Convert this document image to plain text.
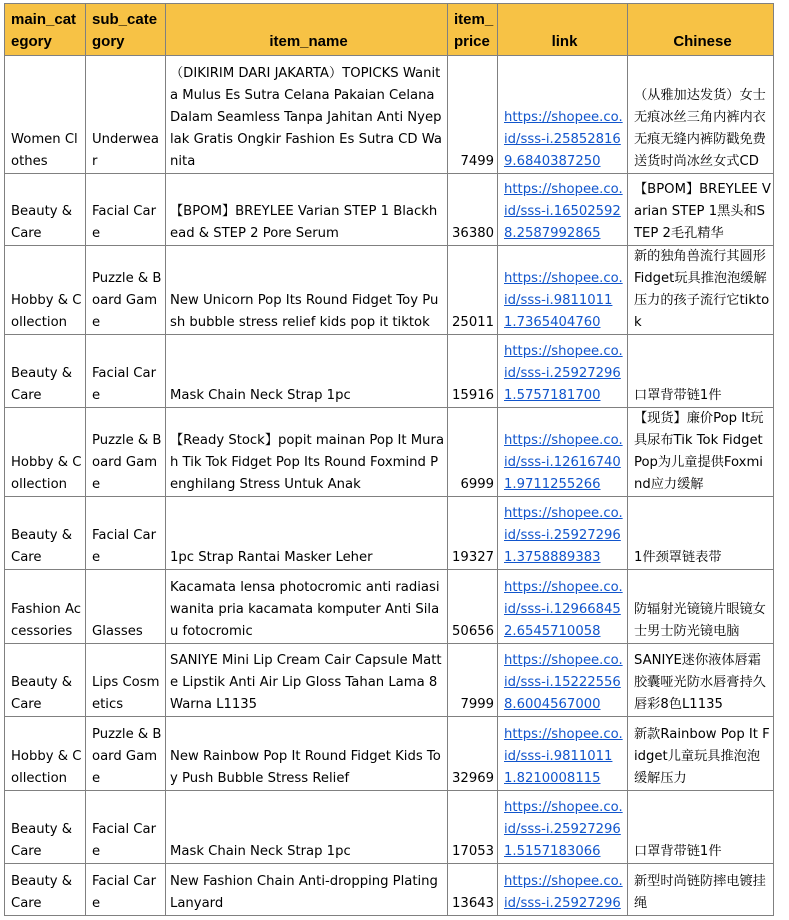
main_cat egory	sub_cate gory	item_name	item_ price	link	Chinese
Women Clothes	Underwear	（DIKIRIM DARI JAKARTA）TOPICKS Wanita Mulus Es Sutra Celana Pakaian Celana Dalam Seamless Tanpa Jahitan Anti Nyeplak Gratis Ongkir Fashion Es Sutra CD Wanita	7499	https://shopee.co.id/sss-i.258528169.6840387250	（从雅加达发货）女士无痕冰丝三角内裤内衣无痕无缝内裤防戳免费送货时尚冰丝女式CD
Beauty & Care	Facial Care	【BPOM】BREYLEE Varian STEP 1 Blackhead & STEP 2 Pore Serum	36380	https://shopee.co.id/sss-i.165025928.2587992865	【BPOM】BREYLEE Varian STEP 1黑头和STEP 2毛孔精华
Hobby & Collection	Puzzle & Board Game	New Unicorn Pop Its Round Fidget Toy Push bubble stress relief kids pop it tiktok	25011	https://shopee.co.id/sss-i.98110111.7365404760	新的独角兽流行其圆形Fidget玩具推泡泡缓解压力的孩子流行它tiktok
Beauty & Care	Facial Care	Mask Chain Neck Strap 1pc	15916	https://shopee.co.id/sss-i.259272961.5757181700	口罩背带链1件
Hobby & Collection	Puzzle & Board Game	【Ready Stock】popit mainan Pop It Murah Tik Tok Fidget Pop Its Round Foxmind Penghilang Stress Untuk Anak	6999	https://shopee.co.id/sss-i.126167401.9711255266	【现货】廉价Pop It玩具尿布Tik Tok Fidget Pop为儿童提供Foxmind应力缓解
Beauty & Care	Facial Care	1pc Strap Rantai Masker Leher	19327	https://shopee.co.id/sss-i.259272961.3758889383	1件颈罩链表带
Fashion Accessories	Glasses	Kacamata lensa photocromic anti radiasi wanita pria kacamata komputer Anti Silau fotocromic	50656	https://shopee.co.id/sss-i.129668452.6545710058	防辐射光镜镜片眼镜女士男士防光镜电脑
Beauty & Care	Lips Cosmetics	SANIYE Mini Lip Cream Cair Capsule Matte Lipstik Anti Air Lip Gloss Tahan Lama 8 Warna L1135	7999	https://shopee.co.id/sss-i.152225568.6004567000	SANIYE迷你液体唇霜胶囊哑光防水唇膏持久唇彩8色L1135
Hobby & Collection	Puzzle & Board Game	New Rainbow Pop It Round Fidget Kids Toy Push Bubble Stress Relief	32969	https://shopee.co.id/sss-i.98110111.8210008115	新款Rainbow Pop It Fidget儿童玩具推泡泡缓解压力
Beauty & Care	Facial Care	Mask Chain Neck Strap 1pc	17053	https://shopee.co.id/sss-i.259272961.5157183066	口罩背带链1件
Beauty & Care	Facial Care	New Fashion Chain Anti-dropping Plating Lanyard	13643	https://shopee.co.id/sss-i.25927296	新型时尚链防摔电镀挂绳
